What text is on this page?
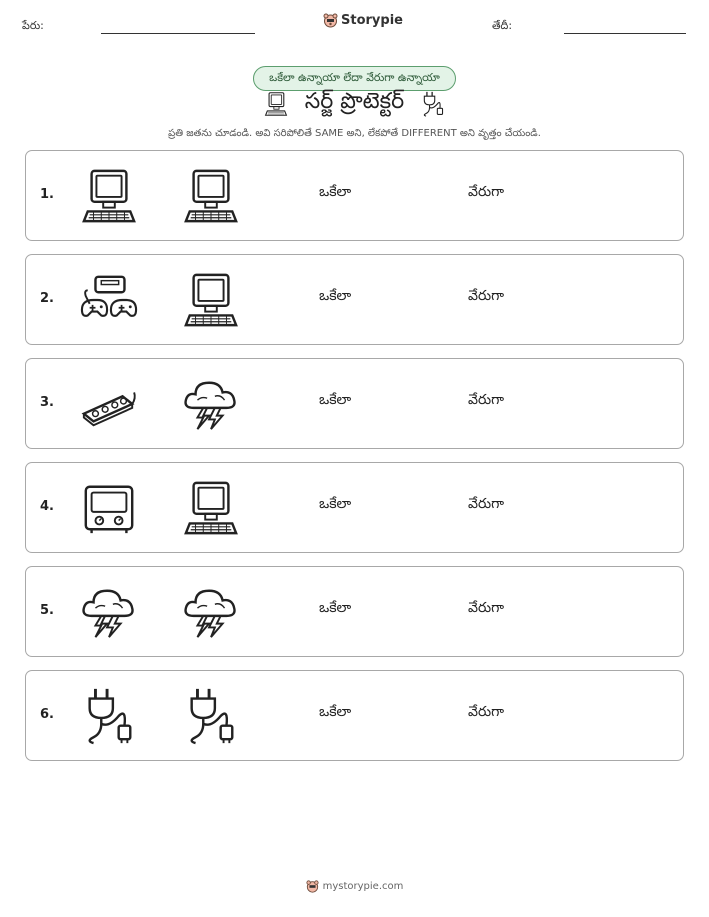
పేరు:	Storypie	తేదీ:
ఒకేలా ఉన్నాయా లేదా వేరుగా ఉన్నాయా
సర్జ్ ప్రొటెక్టర్
ప్రతి జతను చూడండి. అవి సరిపోలితే SAME అని, లేకపోతే DIFFERENT అని వృత్తం చేయండి.
1.	ఒకేలా	వేరుగా
2.	ఒకేలా	వేరుగా
3.	ఒకేలా	వేరుగా
4.	ఒకేలా	వేరుగా
5.	ఒకేలా	వేరుగా
6.	ఒకేలా	వేరుగా
mystorypie.com
